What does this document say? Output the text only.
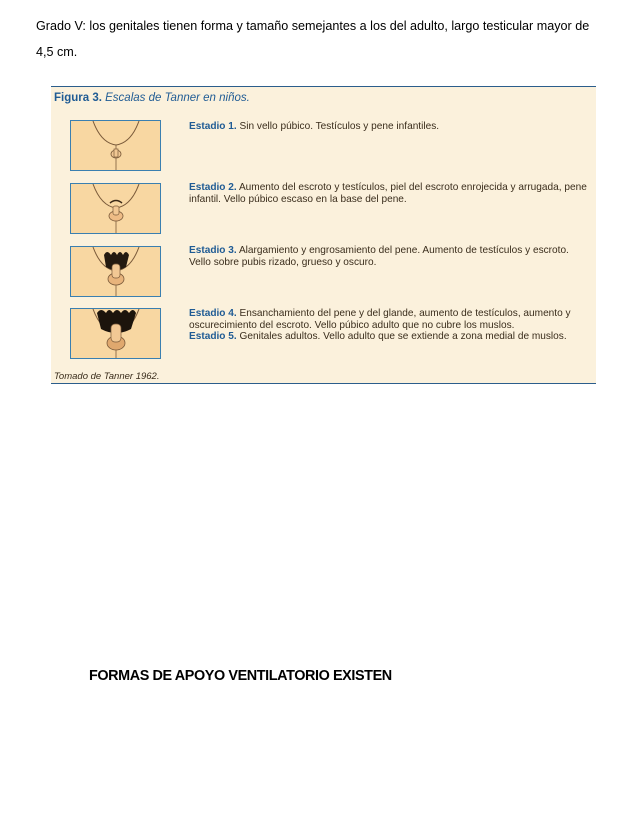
Grado V: los genitales tienen forma y tamaño semejantes a los del adulto, largo testicular mayor de 4,5 cm.

Figura 3. Escalas de Tanner en niños.
Estadio 1. Sin vello púbico. Testículos y pene infantiles.
Estadio 2. Aumento del escroto y testículos, piel del escroto enrojecida y arrugada, pene infantil. Vello púbico escaso en la base del pene.
Estadio 3. Alargamiento y engrosamiento del pene. Aumento de testículos y escroto. Vello sobre pubis rizado, grueso y oscuro.
Estadio 4. Ensanchamiento del pene y del glande, aumento de testículos, aumento y oscurecimiento del escroto. Vello púbico adulto que no cubre los muslos.
Estadio 5. Genitales adultos. Vello adulto que se extiende a zona medial de muslos.
Tomado de Tanner 1962.
FORMAS DE APOYO VENTILATORIO EXISTEN
